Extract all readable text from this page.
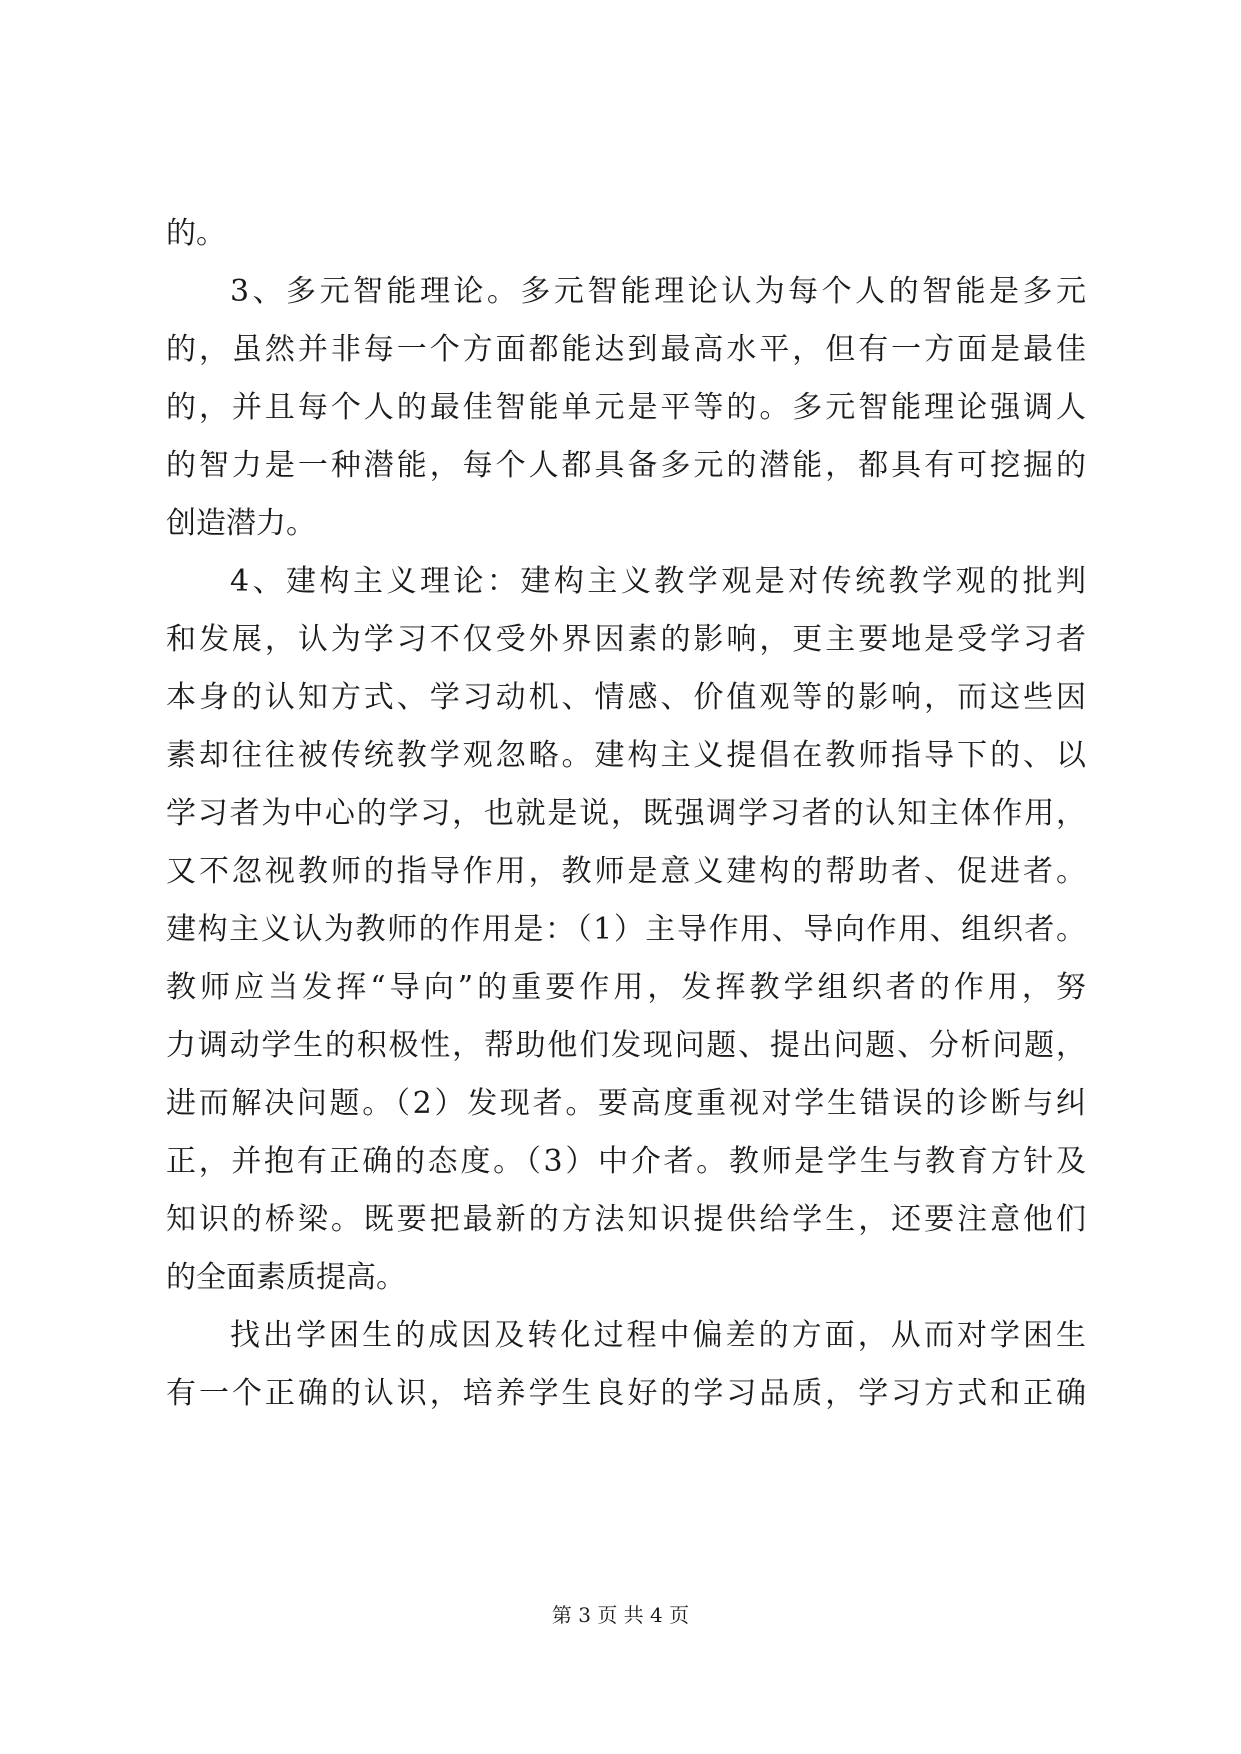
的。
3、多元智能理论。多元智能理论认为每个人的智能是多元
的，虽然并非每一个方面都能达到最高水平，但有一方面是最佳
的，并且每个人的最佳智能单元是平等的。多元智能理论强调人
的智力是一种潜能，每个人都具备多元的潜能，都具有可挖掘的
创造潜力。
4、建构主义理论：建构主义教学观是对传统教学观的批判
和发展，认为学习不仅受外界因素的影响，更主要地是受学习者
本身的认知方式、学习动机、情感、价值观等的影响，而这些因
素却往往被传统教学观忽略。建构主义提倡在教师指导下的、以
学习者为中心的学习，也就是说，既强调学习者的认知主体作用，
又不忽视教师的指导作用，教师是意义建构的帮助者、促进者。
建构主义认为教师的作用是：（1）主导作用、导向作用、组织者。
教师应当发挥“导向”的重要作用，发挥教学组织者的作用，努
力调动学生的积极性，帮助他们发现问题、提出问题、分析问题，
进而解决问题。（2）发现者。要高度重视对学生错误的诊断与纠
正，并抱有正确的态度。（3）中介者。教师是学生与教育方针及
知识的桥梁。既要把最新的方法知识提供给学生，还要注意他们
的全面素质提高。
找出学困生的成因及转化过程中偏差的方面，从而对学困生
有一个正确的认识，培养学生良好的学习品质，学习方式和正确
第 3 页 共 4 页
